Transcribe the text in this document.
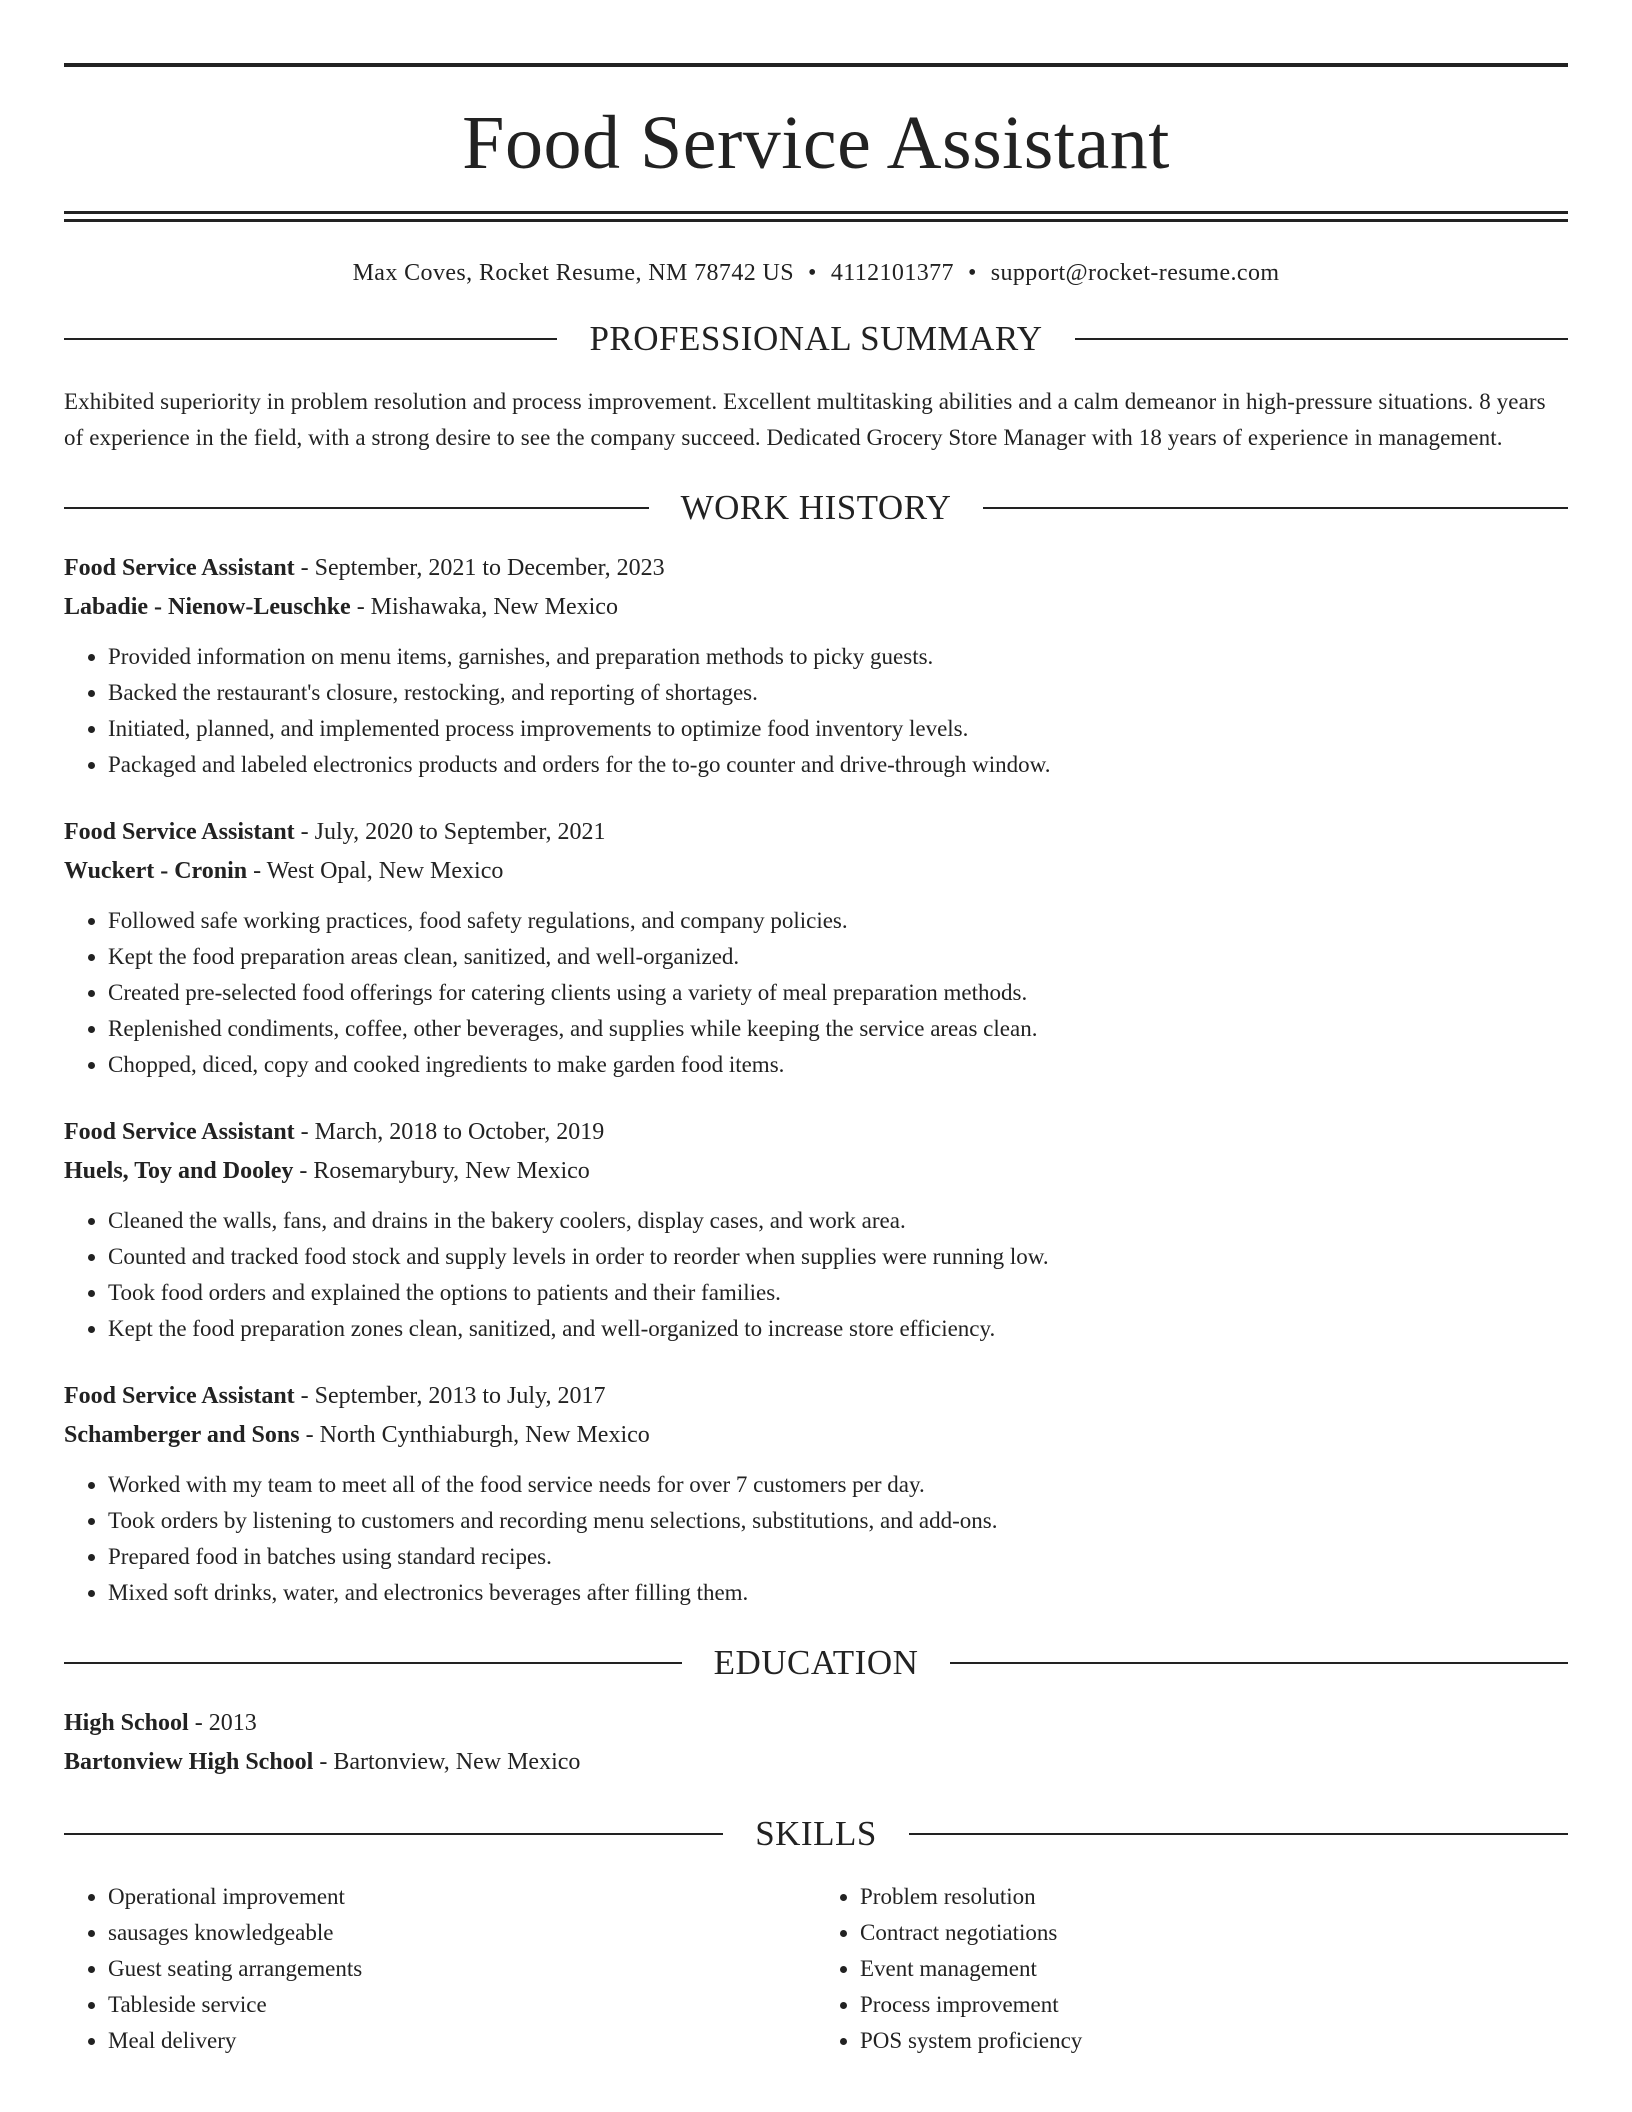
Food Service Assistant
Max Coves, Rocket Resume, NM 78742 US • 4112101377 • support@rocket-resume.com
PROFESSIONAL SUMMARY
Exhibited superiority in problem resolution and process improvement. Excellent multitasking abilities and a calm demeanor in high-pressure situations. 8 years of experience in the field, with a strong desire to see the company succeed. Dedicated Grocery Store Manager with 18 years of experience in management.
WORK HISTORY
Food Service Assistant - September, 2021 to December, 2023
Labadie - Nienow-Leuschke - Mishawaka, New Mexico
• Provided information on menu items, garnishes, and preparation methods to picky guests.
• Backed the restaurant's closure, restocking, and reporting of shortages.
• Initiated, planned, and implemented process improvements to optimize food inventory levels.
• Packaged and labeled electronics products and orders for the to-go counter and drive-through window.
Food Service Assistant - July, 2020 to September, 2021
Wuckert - Cronin - West Opal, New Mexico
• Followed safe working practices, food safety regulations, and company policies.
• Kept the food preparation areas clean, sanitized, and well-organized.
• Created pre-selected food offerings for catering clients using a variety of meal preparation methods.
• Replenished condiments, coffee, other beverages, and supplies while keeping the service areas clean.
• Chopped, diced, copy and cooked ingredients to make garden food items.
Food Service Assistant - March, 2018 to October, 2019
Huels, Toy and Dooley - Rosemarybury, New Mexico
• Cleaned the walls, fans, and drains in the bakery coolers, display cases, and work area.
• Counted and tracked food stock and supply levels in order to reorder when supplies were running low.
• Took food orders and explained the options to patients and their families.
• Kept the food preparation zones clean, sanitized, and well-organized to increase store efficiency.
Food Service Assistant - September, 2013 to July, 2017
Schamberger and Sons - North Cynthiaburgh, New Mexico
• Worked with my team to meet all of the food service needs for over 7 customers per day.
• Took orders by listening to customers and recording menu selections, substitutions, and add-ons.
• Prepared food in batches using standard recipes.
• Mixed soft drinks, water, and electronics beverages after filling them.
EDUCATION
High School - 2013
Bartonview High School - Bartonview, New Mexico
SKILLS
• Operational improvement
• sausages knowledgeable
• Guest seating arrangements
• Tableside service
• Meal delivery
• Problem resolution
• Contract negotiations
• Event management
• Process improvement
• POS system proficiency
